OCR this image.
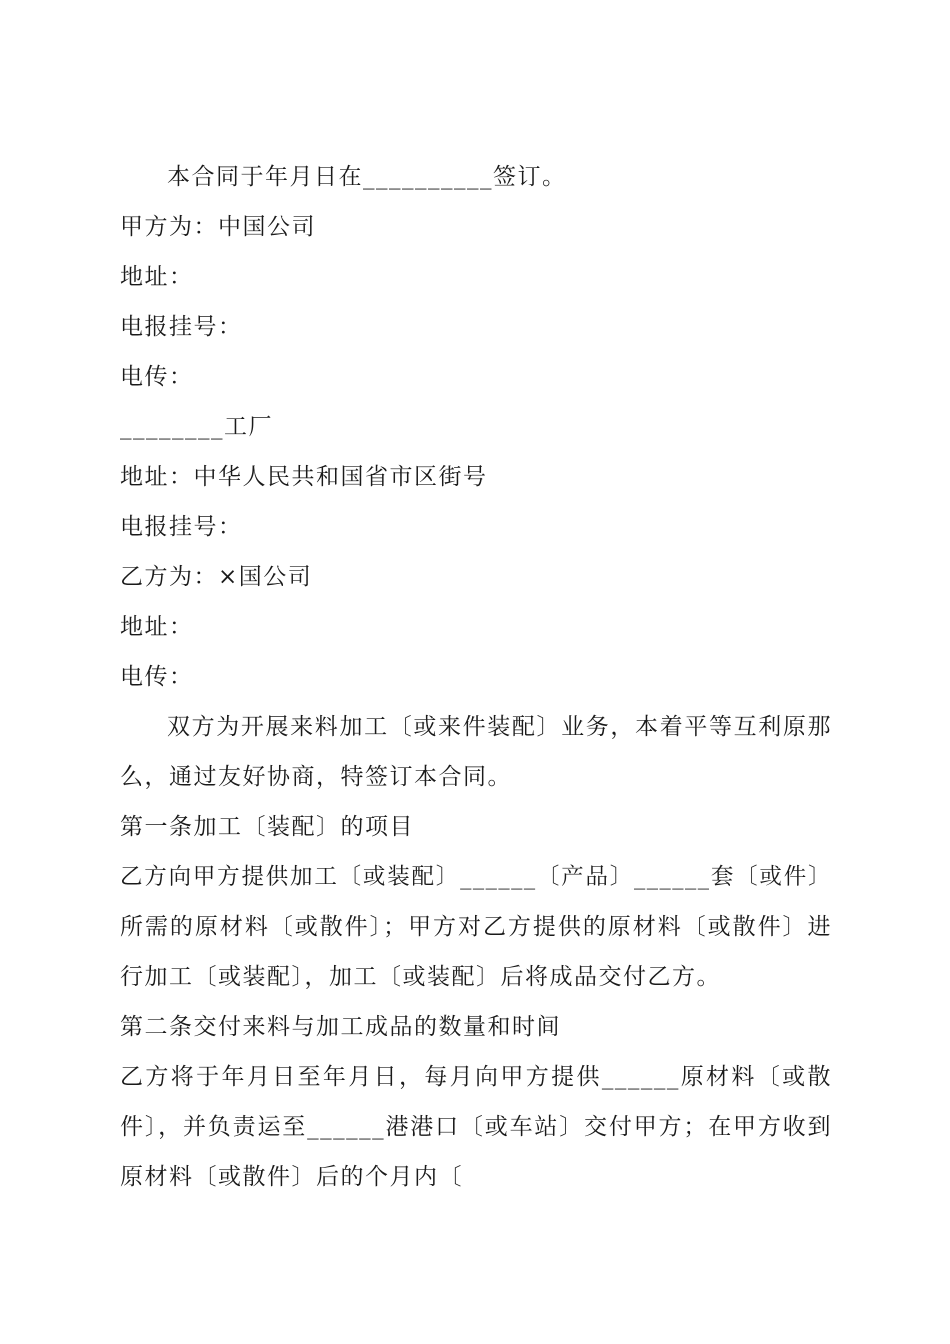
本合同于年月日在__________签订。
甲方为：中国公司
地址：
电报挂号：
电传：
________工厂
地址：中华人民共和国省市区街号
电报挂号：
乙方为：×国公司
地址：
电传：
双方为开展来料加工〔或来件装配〕业务，本着平等互利原那
么，通过友好协商，特签订本合同。
第一条加工〔装配〕的项目
乙方向甲方提供加工〔或装配〕______〔产品〕______套〔或件〕
所需的原材料〔或散件〕；甲方对乙方提供的原材料〔或散件〕进
行加工〔或装配〕，加工〔或装配〕后将成品交付乙方。
第二条交付来料与加工成品的数量和时间
乙方将于年月日至年月日，每月向甲方提供______原材料〔或散
件〕，并负责运至______港港口〔或车站〕交付甲方；在甲方收到
原材料〔或散件〕后的个月内〔
